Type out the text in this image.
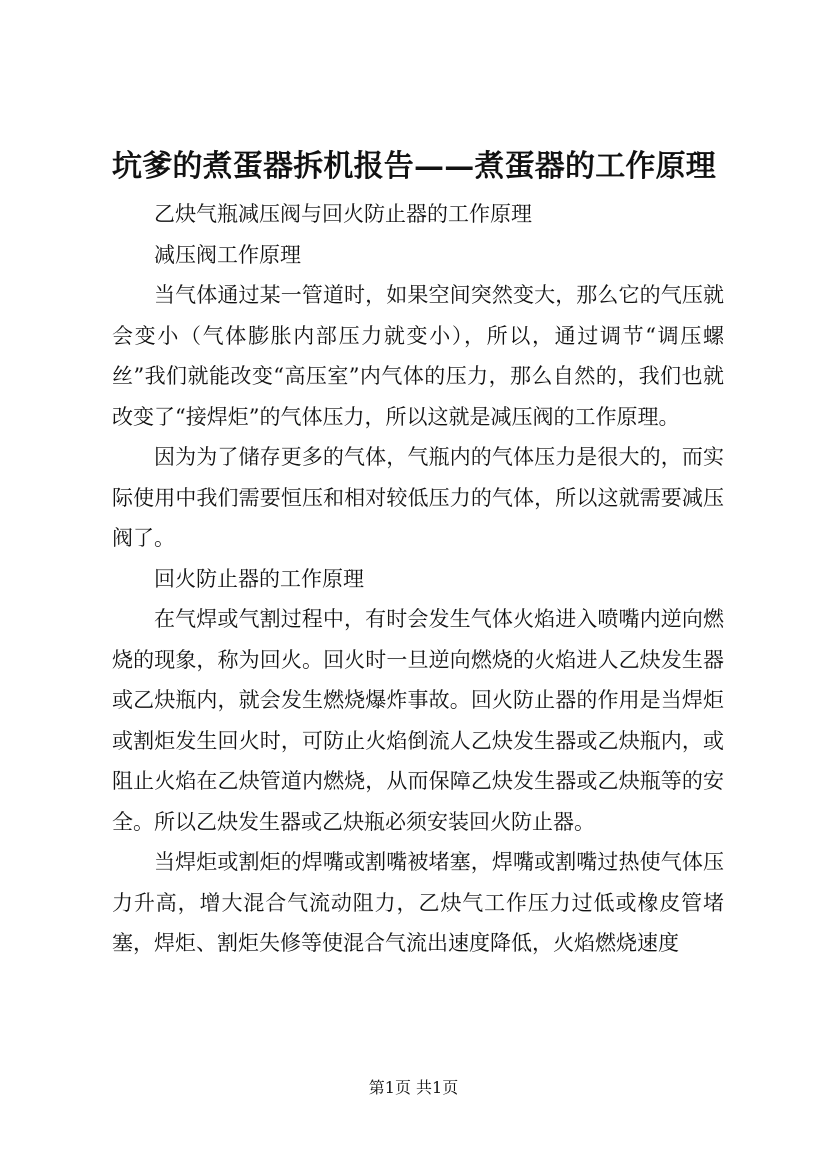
坑爹的煮蛋器拆机报告——煮蛋器的工作原理

乙炔气瓶减压阀与回火防止器的工作原理

减压阀工作原理

当气体通过某一管道时，如果空间突然变大，那么它的气压就会变小（气体膨胀内部压力就变小），所以，通过调节“调压螺丝”我们就能改变“高压室”内气体的压力，那么自然的，我们也就改变了“接焊炬”的气体压力，所以这就是减压阀的工作原理。

因为为了储存更多的气体，气瓶内的气体压力是很大的，而实际使用中我们需要恒压和相对较低压力的气体，所以这就需要减压阀了。

回火防止器的工作原理

在气焊或气割过程中，有时会发生气体火焰进入喷嘴内逆向燃烧的现象，称为回火。回火时一旦逆向燃烧的火焰进人乙炔发生器或乙炔瓶内，就会发生燃烧爆炸事故。回火防止器的作用是当焊炬或割炬发生回火时，可防止火焰倒流人乙炔发生器或乙炔瓶内，或阻止火焰在乙炔管道内燃烧，从而保障乙炔发生器或乙炔瓶等的安全。所以乙炔发生器或乙炔瓶必须安装回火防止器。

当焊炬或割炬的焊嘴或割嘴被堵塞，焊嘴或割嘴过热使气体压力升高，增大混合气流动阻力，乙炔气工作压力过低或橡皮管堵塞，焊炬、割炬失修等使混合气流出速度降低，火焰燃烧速度

第1页 共1页
